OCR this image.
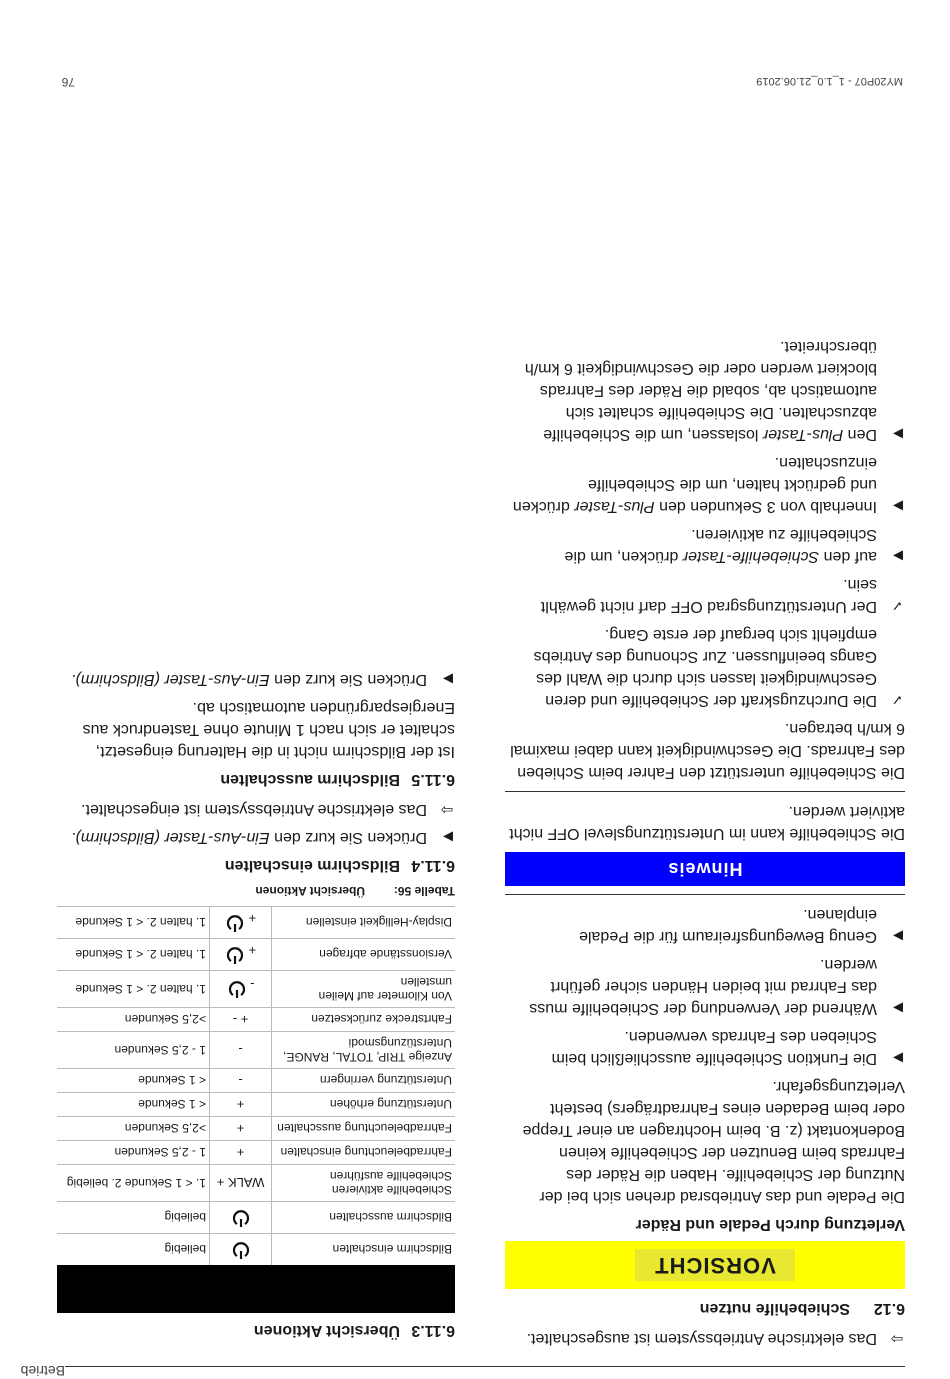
Betrieb

⇨ Das elektrische Antriebssystem ist ausgeschaltet.

6.12Schiebehilfe nutzen
VORSICHT
Verletzung durch Pedale und Räder

Die Pedale und das Antriebsrad drehen sich bei der Nutzung der Schiebehilfe. Haben die Räder des Fahrrads beim Benutzen der Schiebehilfe keinen Bodenkontakt (z. B. beim Hochtragen an einer Treppe oder beim Bedaden eines Fahrradträgers) besteht Verletzungsgefahr.

▶ Die Funktion Schiebehilfe ausschließlich beim Schieben des Fahrrads verwenden.

▶ Während der Verwendung der Schiebehilfe muss das Fahrrad mit beiden Händen sicher geführt werden.

▶ Genug Bewegungsfreiraum für die Pedale einplanen.

Hinweis

Die Schiebehilfe kann im Unterstützungslevel OFF nicht aktiviert werden.

Die Schiebehilfe unterstützt den Fahrer beim Schieben des Fahrrads. Die Geschwindigkeit kann dabei maximal 6 km/h betragen.

✓ Die Durchzugskraft der Schiebehilfe und deren Geschwindigkeit lassen sich durch die Wahl des Gangs beeinflussen. Zur Schonung des Antriebs empfiehlt sich bergauf der erste Gang.

✓ Der Unterstützungsgrad OFF darf nicht gewählt sein.

▶ auf den Schiebehilfe-Taster drücken, um die Schiebehilfe zu aktivieren.

▶ Innerhalb von 3 Sekunden den Plus-Taster drücken und gedrückt halten, um die Schiebehilfe einzuschalten.

▶ Den Plus-Taster loslassen, um die Schiebehilfe abzuschalten. Die Schiebehilfe schaltet sich automatisch ab, sobald die Räder des Fahrrads blockiert werden oder die Geschwindigkeit 6 km/h überschreitet.

6.11.3Übersicht Aktionen

Bildschirm einschalten		beliebig
Bildschirm ausschalten		beliebig
Schiebehilfe aktivieren Schiebehilfe ausführen	WALK +	1. < 1 Sekunde 2. beliebig
Fahrradbeleuchtung einschalten	+	1 - 2,5 Sekunden
Fahrradbeleuchtung ausschalten	+	>2,5 Sekunden
Unterstützung erhöhen	+	< 1 Sekunde
Unterstützung verringern	-	< 1 Sekunde
Anzeige TRIP, TOTAL, RANGE, Unterstüzungsmodi	-	1 - 2,5 Sekunden
Fahrtstrecke zurücksetzen	+ -	>2,5 Sekunden
Von Kilometer auf Meilen umstellen	-	1. halten 2. < 1 Sekunde
Versionsstände abfragen	+	1. halten 2. < 1 Sekunde
Display-Helligkeit einstellen	+	1. halten 2. < 1 Sekunde
Tabelle 56:Übersicht Aktionen
6.11.4Bildschirm einschalten

▶ Drücken Sie kurz den Ein-Aus-Taster (Bildschirm).

⇨ Das elektrische Antriebssystem ist eingeschaltet.

6.11.5Bildschirm ausschalten

Ist der Bildschirm nicht in die Halterung eingesetzt, schaltet er sich nach 1 Minute ohne Tastendruck aus Energiespargründen automatisch ab.

▶ Drücken Sie kurz den Ein-Aus-Taster (Bildschirm).

MY20P07 - 1_1.0_21.06.2019
76
